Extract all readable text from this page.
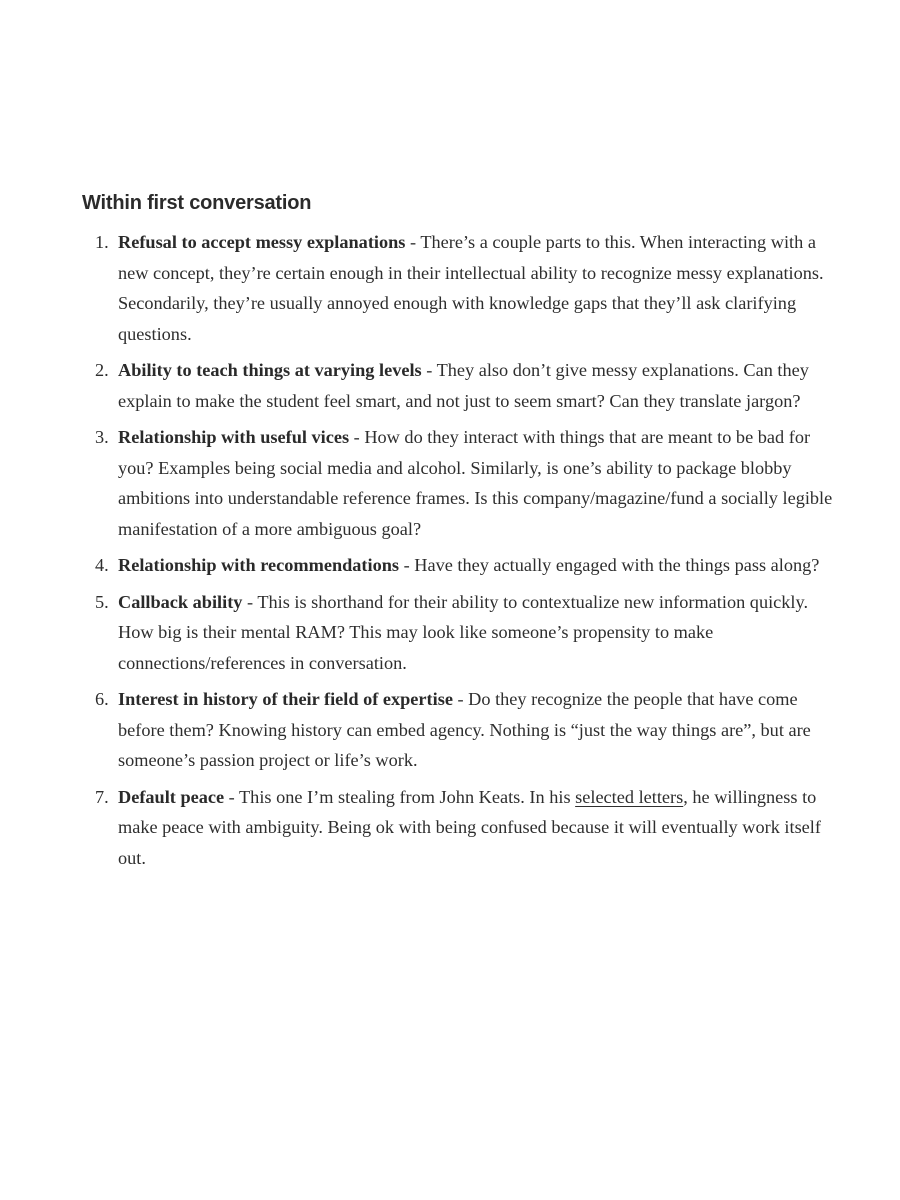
Within first conversation
1. Refusal to accept messy explanations - There’s a couple parts to this. When interacting with a new concept, they’re certain enough in their intellectual ability to recognize messy explanations. Secondarily, they’re usually annoyed enough with knowledge gaps that they’ll ask clarifying questions.
2. Ability to teach things at varying levels - They also don’t give messy explanations. Can they explain to make the student feel smart, and not just to seem smart? Can they translate jargon?
3. Relationship with useful vices - How do they interact with things that are meant to be bad for you? Examples being social media and alcohol. Similarly, is one’s ability to package blobby ambitions into understandable reference frames. Is this company/magazine/fund a socially legible manifestation of a more ambiguous goal?
4. Relationship with recommendations - Have they actually engaged with the things pass along?
5. Callback ability - This is shorthand for their ability to contextualize new information quickly. How big is their mental RAM? This may look like someone’s propensity to make connections/references in conversation.
6. Interest in history of their field of expertise - Do they recognize the people that have come before them? Knowing history can embed agency. Nothing is “just the way things are”, but are someone’s passion project or life’s work.
7. Default peace - This one I’m stealing from John Keats. In his selected letters, he willingness to make peace with ambiguity. Being ok with being confused because it will eventually work itself out.
